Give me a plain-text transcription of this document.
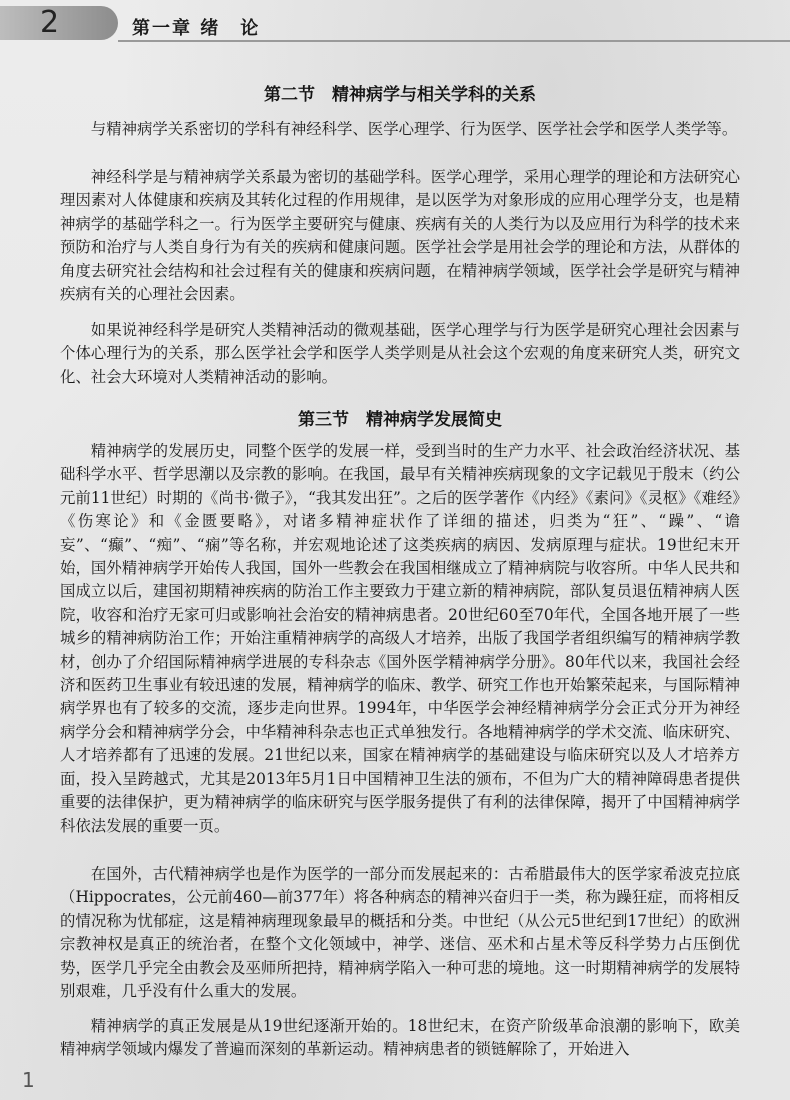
2	第一章 绪　论
第二节　精神病学与相关学科的关系

与精神病学关系密切的学科有神经科学、医学心理学、行为医学、医学社会学和医学人类学等。

神经科学是与精神病学关系最为密切的基础学科。医学心理学，采用心理学的理论和方法研究心理因素对人体健康和疾病及其转化过程的作用规律，是以医学为对象形成的应用心理学分支，也是精神病学的基础学科之一。行为医学主要研究与健康、疾病有关的人类行为以及应用行为科学的技术来预防和治疗与人类自身行为有关的疾病和健康问题。医学社会学是用社会学的理论和方法，从群体的角度去研究社会结构和社会过程有关的健康和疾病问题，在精神病学领域，医学社会学是研究与精神疾病有关的心理社会因素。

如果说神经科学是研究人类精神活动的微观基础，医学心理学与行为医学是研究心理社会因素与个体心理行为的关系，那么医学社会学和医学人类学则是从社会这个宏观的角度来研究人类，研究文化、社会大环境对人类精神活动的影响。

第三节　精神病学发展简史

精神病学的发展历史，同整个医学的发展一样，受到当时的生产力水平、社会政治经济状况、基础科学水平、哲学思潮以及宗教的影响。在我国，最早有关精神疾病现象的文字记载见于殷末（约公元前11世纪）时期的《尚书·微子》，“我其发出狂”。之后的医学著作《内经》《素问》《灵枢》《难经》《伤寒论》和《金匮要略》，对诸多精神症状作了详细的描述，归类为“狂”、“躁”、“谵妄”、“癫”、“痴”、“痫”等名称，并宏观地论述了这类疾病的病因、发病原理与症状。19世纪末开始，国外精神病学开始传人我国，国外一些教会在我国相继成立了精神病院与收容所。中华人民共和国成立以后，建国初期精神疾病的防治工作主要致力于建立新的精神病院，部队复员退伍精神病人医院，收容和治疗无家可归或影响社会治安的精神病患者。20世纪60至70年代，全国各地开展了一些城乡的精神病防治工作；开始注重精神病学的高级人才培养，出版了我国学者组织编写的精神病学教材，创办了介绍国际精神病学进展的专科杂志《国外医学精神病学分册》。80年代以来，我国社会经济和医药卫生事业有较迅速的发展，精神病学的临床、教学、研究工作也开始繁荣起来，与国际精神病学界也有了较多的交流，逐步走向世界。1994年，中华医学会神经精神病学分会正式分开为神经病学分会和精神病学分会，中华精神科杂志也正式单独发行。各地精神病学的学术交流、临床研究、人才培养都有了迅速的发展。21世纪以来，国家在精神病学的基础建设与临床研究以及人才培养方面，投入呈跨越式，尤其是2013年5月1日中国精神卫生法的颁布，不但为广大的精神障碍患者提供重要的法律保护，更为精神病学的临床研究与医学服务提供了有利的法律保障，揭开了中国精神病学科依法发展的重要一页。

在国外，古代精神病学也是作为医学的一部分而发展起来的：古希腊最伟大的医学家希波克拉底（Hippocrates，公元前460—前377年）将各种病态的精神兴奋归于一类，称为躁狂症，而将相反的情况称为忧郁症，这是精神病理现象最早的概括和分类。中世纪（从公元5世纪到17世纪）的欧洲宗教神权是真正的统治者，在整个文化领域中，神学、迷信、巫术和占星术等反科学势力占压倒优势，医学几乎完全由教会及巫师所把持，精神病学陷入一种可悲的境地。这一时期精神病学的发展特别艰难，几乎没有什么重大的发展。

精神病学的真正发展是从19世纪逐渐开始的。18世纪末，在资产阶级革命浪潮的影响下，欧美精神病学领域内爆发了普遍而深刻的革新运动。精神病患者的锁链解除了，开始进入

1
